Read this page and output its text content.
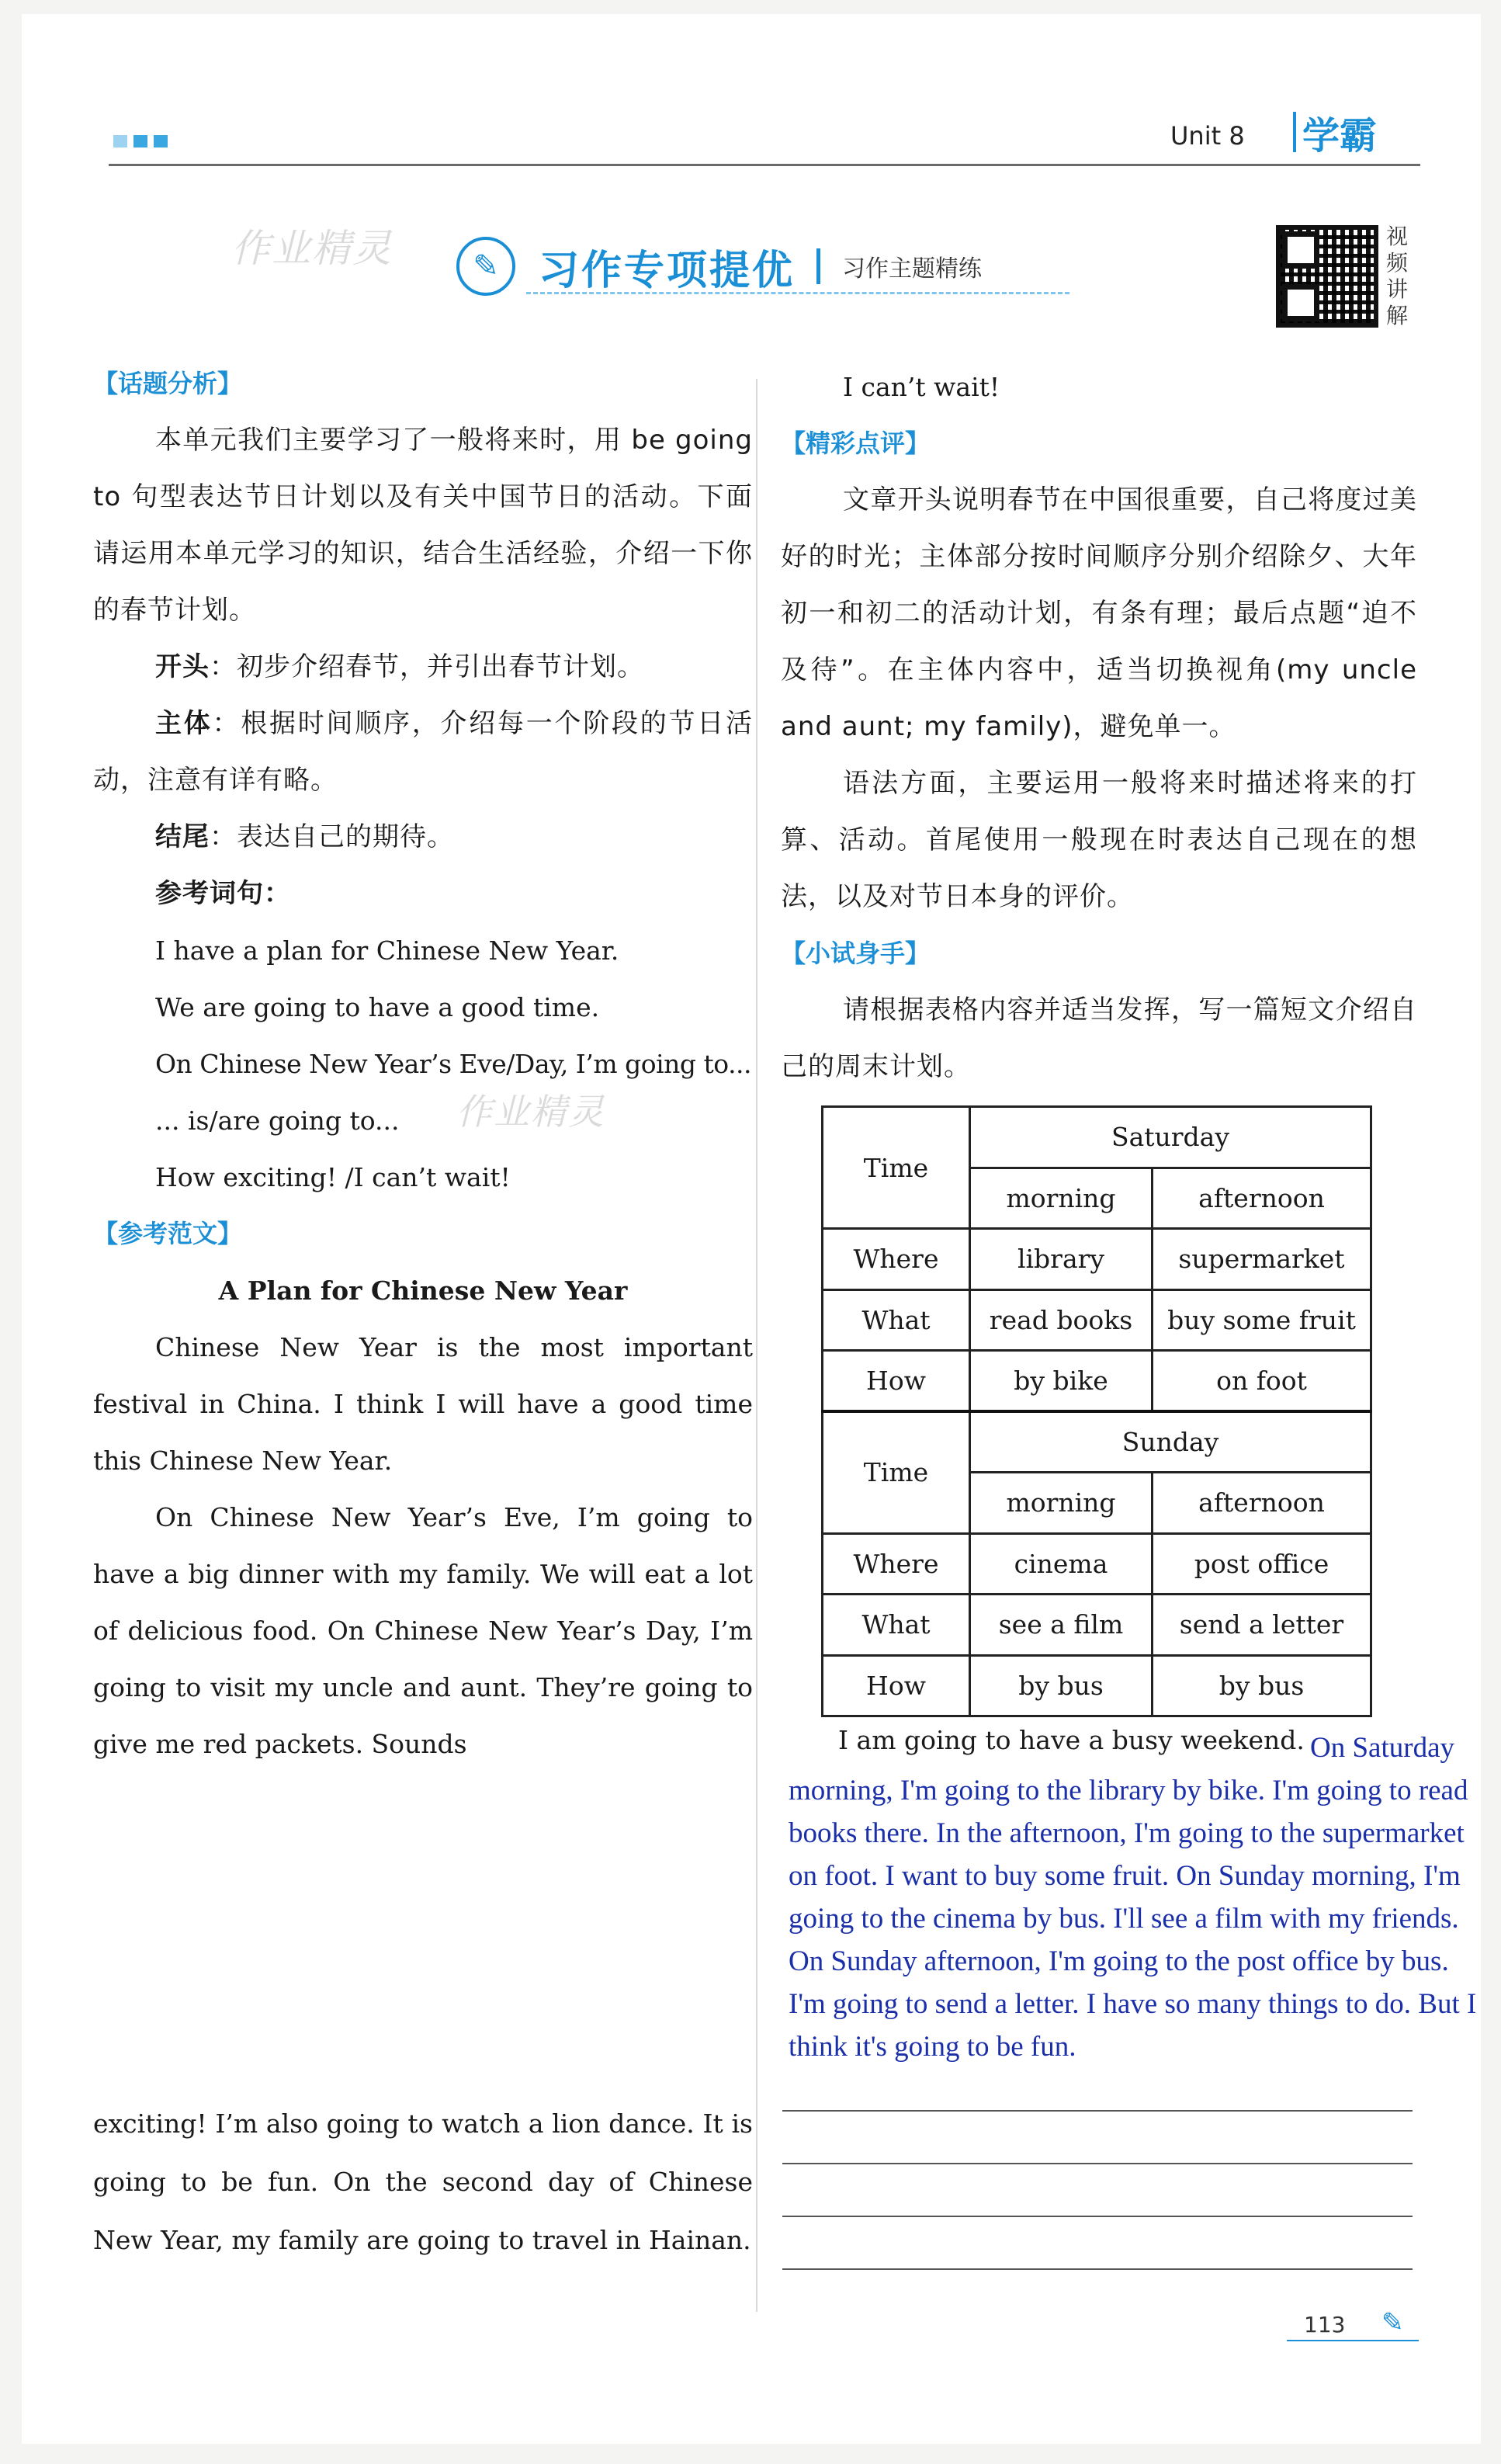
Unit 8 学霸
作业精灵	✎ 习作专项提优 习作主题精练
视频讲解
【话题分析】
本单元我们主要学习了一般将来时，用 be going to 句型表达节日计划以及有关中国节日的活动。下面请运用本单元学习的知识，结合生活经验，介绍一下你的春节计划。
开头：初步介绍春节，并引出春节计划。
主体：根据时间顺序，介绍每一个阶段的节日活动，注意有详有略。
结尾：表达自己的期待。
参考词句：
I have a plan for Chinese New Year.
We are going to have a good time.
On Chinese New Year’s Eve/Day, I’m going to...
... is/are going to...
How exciting! /I can’t wait!
【参考范文】
A Plan for Chinese New Year
Chinese New Year is the most important festival in China. I think I will have a good time this Chinese New Year.
On Chinese New Year’s Eve, I’m going to have a big dinner with my family. We will eat a lot of delicious food. On Chinese New Year’s Day, I’m going to visit my uncle and aunt. They’re going to give me red packets. Sounds
作业精灵
exciting! I’m also going to watch a lion dance. It is going to be fun. On the second day of Chinese New Year, my family are going to travel in Hainan.
I can’t wait!
【精彩点评】
文章开头说明春节在中国很重要，自己将度过美好的时光；主体部分按时间顺序分别介绍除夕、大年初一和初二的活动计划，有条有理；最后点题“迫不及待”。在主体内容中，适当切换视角(my uncle and aunt; my family)，避免单一。
语法方面，主要运用一般将来时描述将来的打算、活动。首尾使用一般现在时表达自己现在的想法，以及对节日本身的评价。
【小试身手】
请根据表格内容并适当发挥，写一篇短文介绍自己的周末计划。
Time	Saturday	
	morning	afternoon
Where	library	supermarket
What	read books	buy some fruit
How	by bike	on foot
Time	Sunday	
	morning	afternoon
Where	cinema	post office
What	see a film	send a letter
How	by bus	by bus
On Saturday morning, I'm going to the library by bike. I'm going to read books there. In the afternoon, I'm going to the supermarket on foot. I want to buy some fruit. On Sunday morning, I'm going to the cinema by bus. I'll see a film with my friends. On Sunday afternoon, I'm going to the post office by bus. I'm going to send a letter. I have so many things to do. But I think it's going to be fun.
I am going to have a busy weekend.
113 ✎
